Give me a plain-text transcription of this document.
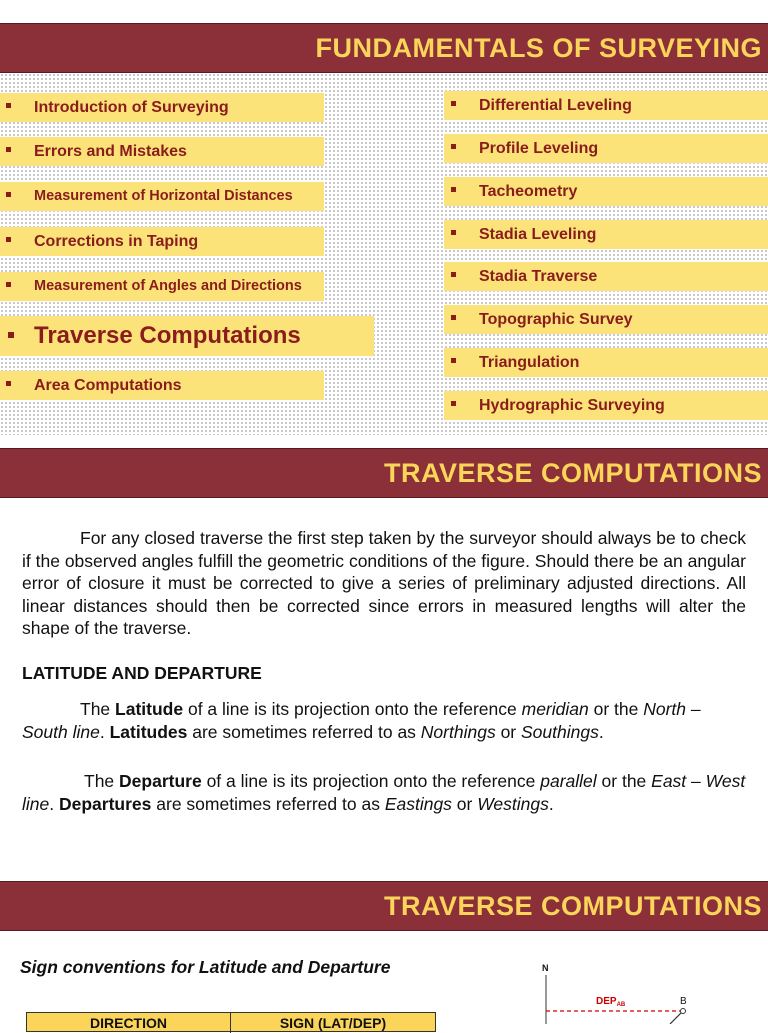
FUNDAMENTALS OF SURVEYING
Introduction of Surveying
Errors and Mistakes
Measurement of Horizontal Distances
Corrections in Taping
Measurement of Angles and Directions
Traverse Computations
Area Computations
Differential Leveling
Profile Leveling
Tacheometry
Stadia Leveling
Stadia Traverse
Topographic Survey
Triangulation
Hydrographic Surveying
TRAVERSE COMPUTATIONS

For any closed traverse the first step taken by the surveyor should always be to check if the observed angles fulfill the geometric conditions of the figure. Should there be an angular error of closure it must be corrected to give a series of preliminary adjusted directions. All linear distances should then be corrected since errors in measured lengths will alter the shape of the traverse.

LATITUDE AND DEPARTURE

The Latitude of a line is its projection onto the reference meridian or the North – South line. Latitudes are sometimes referred to as Northings or Southings.

The Departure of a line is its projection onto the reference parallel or the East – West line. Departures are sometimes referred to as Eastings or Westings.

TRAVERSE COMPUTATIONS
Sign conventions for Latitude and Departure
DIRECTION	SIGN (LAT/DEP)
N
$DEP_{AB}$	B
